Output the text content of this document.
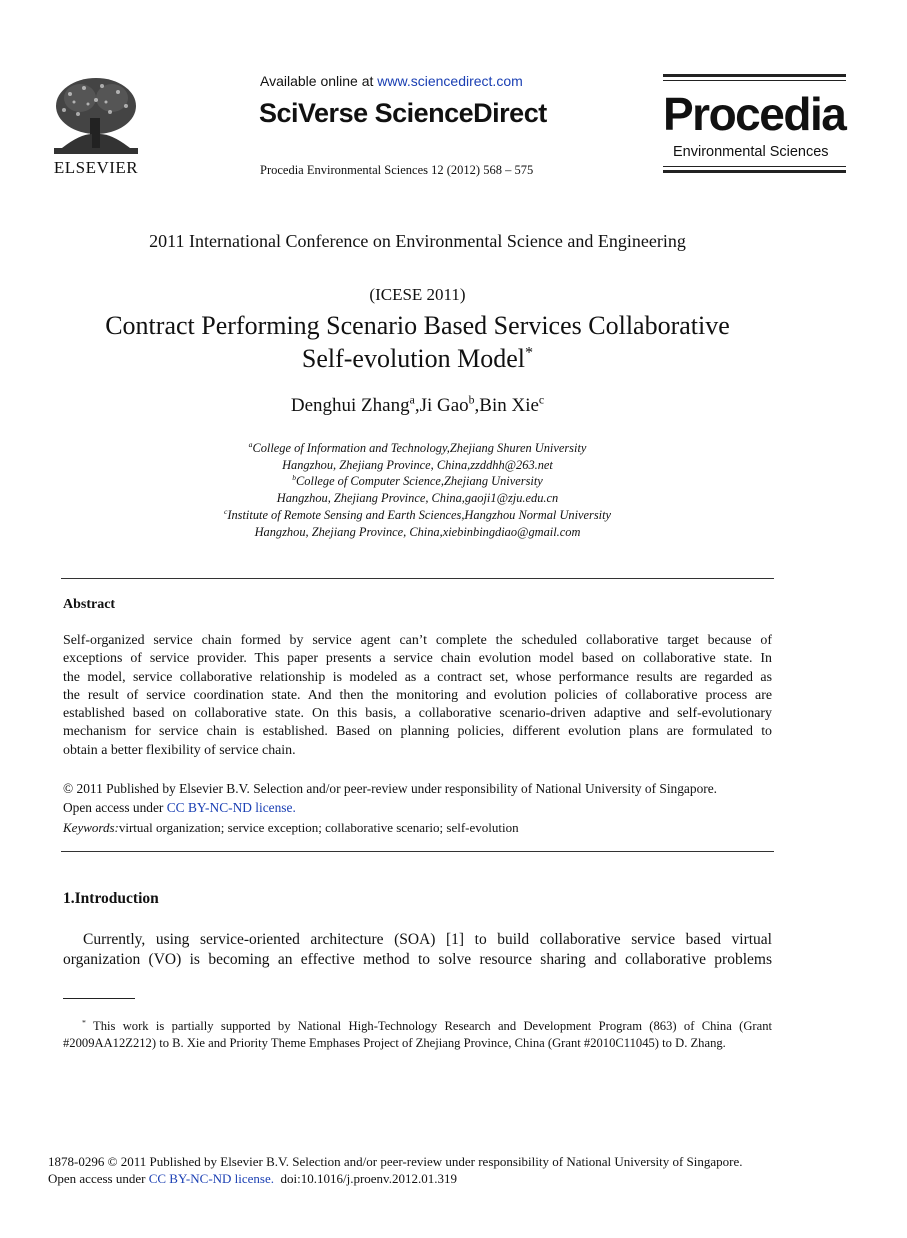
ELSEVIER
Available online at www.sciencedirect.com
SciVerse ScienceDirect
Procedia Environmental Sciences 12 (2012) 568 – 575
Procedia
Environmental Sciences
2011 International Conference on Environmental Science and Engineering
(ICESE 2011)
Contract Performing Scenario Based Services Collaborative
Self-evolution Model*
Denghui Zhang$^a$,Ji Gao$^b$,Bin Xie$^c$
$^a$College of Information and Technology,Zhejiang Shuren University
Hangzhou, Zhejiang Province, China,zzddhh@263.net
$^b$College of Computer Science,Zhejiang University
Hangzhou, Zhejiang Province, China,gaoji1@zju.edu.cn
$^c$Institute of Remote Sensing and Earth Sciences,Hangzhou Normal University
Hangzhou, Zhejiang Province, China,xiebinbingdiao@gmail.com
Abstract
Self-organized service chain formed by service agent can’t complete the scheduled collaborative target because of
exceptions of service provider. This paper presents a service chain evolution model based on collaborative state. In
the model, service collaborative relationship is modeled as a contract set, whose performance results are regarded as
the result of service coordination state. And then the monitoring and evolution policies of collaborative process are
established based on collaborative state. On this basis, a collaborative scenario-driven adaptive and self-evolutionary
mechanism for service chain is established. Based on planning policies, different evolution plans are formulated to
obtain a better flexibility of service chain.
© 2011 Published by Elsevier B.V. Selection and/or peer-review under responsibility of National University of Singapore.
Open access under CC BY-NC-ND license.
Keywords:virtual organization; service exception; collaborative scenario; self-evolution
1.Introduction
Currently, using service-oriented architecture (SOA) [1] to build collaborative service based virtual
organization (VO) is becoming an effective method to solve resource sharing and collaborative problems
* This work is partially supported by National High-Technology Research and Development Program (863) of China (Grant
#2009AA12Z212) to B. Xie and Priority Theme Emphases Project of Zhejiang Province, China (Grant #2010C11045) to D. Zhang.
1878-0296 © 2011 Published by Elsevier B.V. Selection and/or peer-review under responsibility of National University of Singapore.
Open access under CC BY-NC-ND license. doi:10.1016/j.proenv.2012.01.319
